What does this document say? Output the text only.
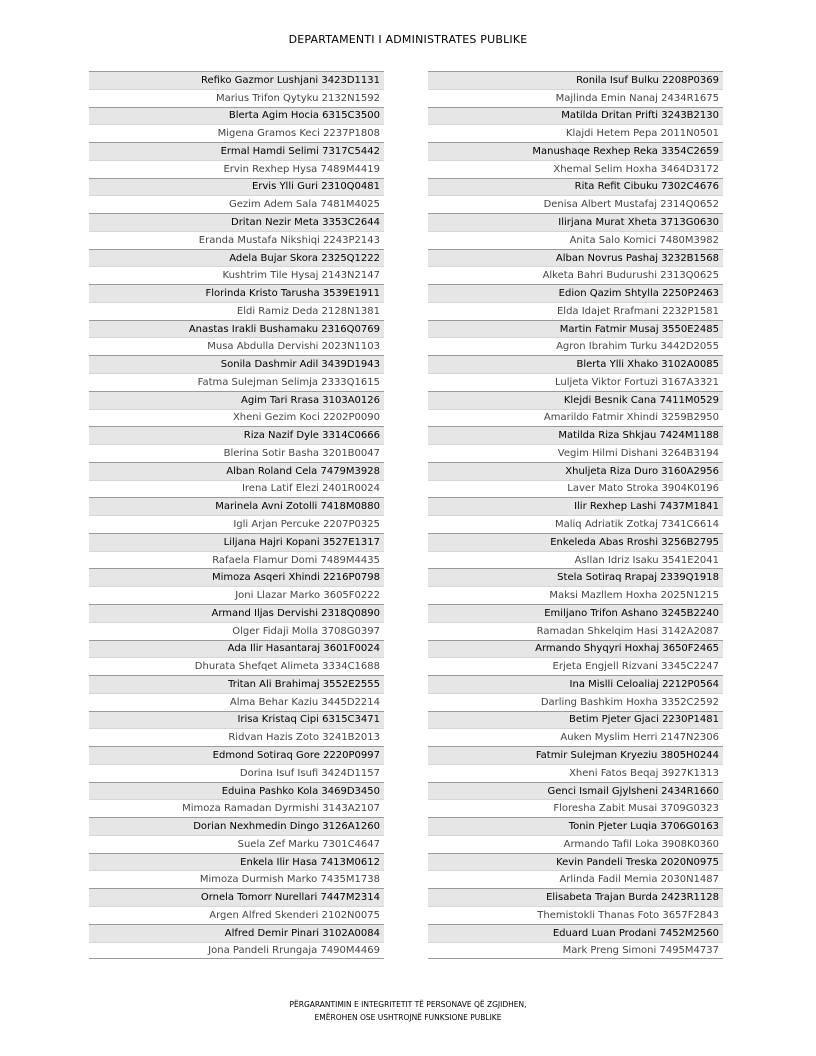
DEPARTAMENTI I ADMINISTRATES PUBLIKE
Refiko Gazmor Lushjani 3423D1131
Marius Trifon Qytyku 2132N1592
Blerta Agim Hocia 6315C3500
Migena Gramos Keci 2237P1808
Ermal Hamdi Selimi 7317C5442
Ervin Rexhep Hysa 7489M4419
Ervis Ylli Guri 2310Q0481
Gezim Adem Sala 7481M4025
Dritan Nezir Meta 3353C2644
Eranda Mustafa Nikshiqi 2243P2143
Adela Bujar Skora 2325Q1222
Kushtrim Tile Hysaj 2143N2147
Florinda Kristo Tarusha 3539E1911
Eldi Ramiz Deda 2128N1381
Anastas Irakli Bushamaku 2316Q0769
Musa Abdulla Dervishi 2023N1103
Sonila Dashmir Adil 3439D1943
Fatma Sulejman Selimja 2333Q1615
Agim Tari Rrasa 3103A0126
Xheni Gezim Koci 2202P0090
Riza Nazif Dyle 3314C0666
Blerina Sotir Basha 3201B0047
Alban Roland Cela 7479M3928
Irena Latif Elezi 2401R0024
Marinela Avni Zotolli 7418M0880
Igli Arjan Percuke 2207P0325
Liljana Hajri Kopani 3527E1317
Rafaela Flamur Domi 7489M4435
Mimoza Asqeri Xhindi 2216P0798
Joni Llazar Marko 3605F0222
Armand Iljas Dervishi 2318Q0890
Olger Fidaji Molla 3708G0397
Ada Ilir Hasantaraj 3601F0024
Dhurata Shefqet Alimeta 3334C1688
Tritan Ali Brahimaj 3552E2555
Alma Behar Kaziu 3445D2214
Irisa Kristaq Cipi 6315C3471
Ridvan Hazis Zoto 3241B2013
Edmond Sotiraq Gore 2220P0997
Dorina Isuf Isufi 3424D1157
Eduina Pashko Kola 3469D3450
Mimoza Ramadan Dyrmishi 3143A2107
Dorian Nexhmedin Dingo 3126A1260
Suela Zef Marku 7301C4647
Enkela Ilir Hasa 7413M0612
Mimoza Durmish Marko 7435M1738
Ornela Tomorr Nurellari 7447M2314
Argen Alfred Skenderi 2102N0075
Alfred Demir Pinari 3102A0084
Jona Pandeli Rrungaja 7490M4469
Ronila Isuf Bulku 2208P0369
Majlinda Emin Nanaj 2434R1675
Matilda Dritan Prifti 3243B2130
Klajdi Hetem Pepa 2011N0501
Manushaqe Rexhep Reka 3354C2659
Xhemal Selim Hoxha 3464D3172
Rita Refit Cibuku 7302C4676
Denisa Albert Mustafaj 2314Q0652
Ilirjana Murat Xheta 3713G0630
Anita Salo Komici 7480M3982
Alban Novrus Pashaj 3232B1568
Alketa Bahri Budurushi 2313Q0625
Edion Qazim Shtylla 2250P2463
Elda Idajet Rrafmani 2232P1581
Martin Fatmir Musaj 3550E2485
Agron Ibrahim Turku 3442D2055
Blerta Ylli Xhako 3102A0085
Luljeta Viktor Fortuzi 3167A3321
Klejdi Besnik Cana 7411M0529
Amarildo Fatmir Xhindi 3259B2950
Matilda Riza Shkjau 7424M1188
Vegim Hilmi Dishani 3264B3194
Xhuljeta Riza Duro 3160A2956
Laver Mato Stroka 3904K0196
Ilir Rexhep Lashi 7437M1841
Maliq Adriatik Zotkaj 7341C6614
Enkeleda Abas Rroshi 3256B2795
Asllan Idriz Isaku 3541E2041
Stela Sotiraq Rrapaj 2339Q1918
Maksi Mazllem Hoxha 2025N1215
Emiljano Trifon Ashano 3245B2240
Ramadan Shkelqim Hasi 3142A2087
Armando Shyqyri Hoxhaj 3650F2465
Erjeta Engjell Rizvani 3345C2247
Ina Mislli Celoaliaj 2212P0564
Darling Bashkim Hoxha 3352C2592
Betim Pjeter Gjaci 2230P1481
Auken Myslim Herri 2147N2306
Fatmir Sulejman Kryeziu 3805H0244
Xheni Fatos Beqaj 3927K1313
Genci Ismail Gjylsheni 2434R1660
Floresha Zabit Musai 3709G0323
Tonin Pjeter Luqia 3706G0163
Armando Tafil Loka 3908K0360
Kevin Pandeli Treska 2020N0975
Arlinda Fadil Memia 2030N1487
Elisabeta Trajan Burda 2423R1128
Themistokli Thanas Foto 3657F2843
Eduard Luan Prodani 7452M2560
Mark Preng Simoni 7495M4737
PËRGARANTIMIN E INTEGRITETIT TË PERSONAVE QË ZGJIDHEN,
EMËROHEN OSE USHTROJNË FUNKSIONE PUBLIKE
